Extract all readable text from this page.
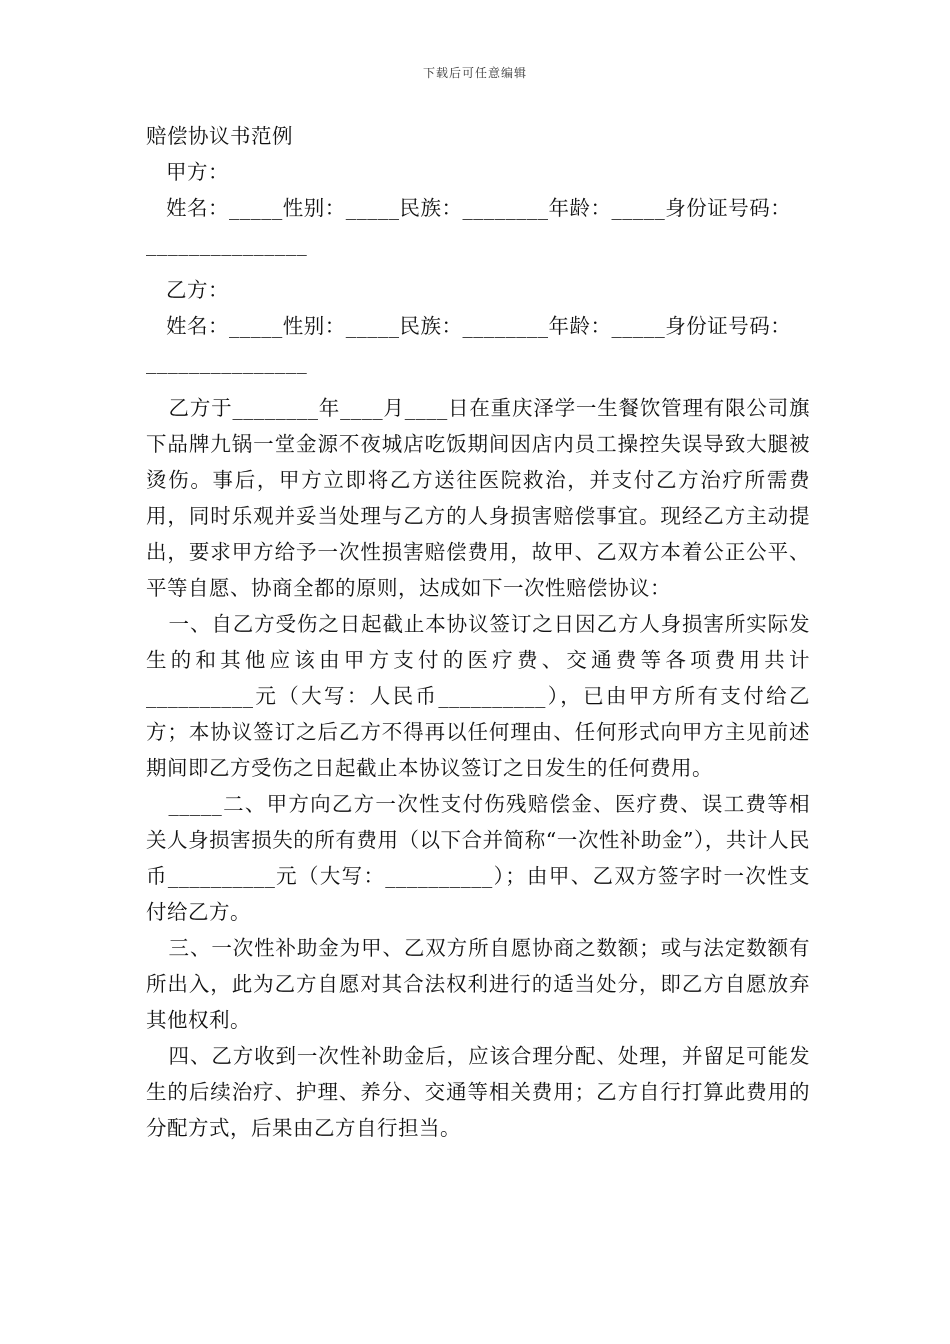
下载后可任意编辑
赔偿协议书范例
甲方：
姓名：_____性别：_____民族：________年龄：_____身份证号码：
_______________
乙方：
姓名：_____性别：_____民族：________年龄：_____身份证号码：
_______________

乙方于________年____月____日在重庆泽学一生餐饮管理有限公司旗下品牌九锅一堂金源不夜城店吃饭期间因店内员工操控失误导致大腿被烫伤。事后，甲方立即将乙方送往医院救治，并支付乙方治疗所需费用，同时乐观并妥当处理与乙方的人身损害赔偿事宜。现经乙方主动提出，要求甲方给予一次性损害赔偿费用，故甲、乙双方本着公正公平、平等自愿、协商全都的原则，达成如下一次性赔偿协议：

一、自乙方受伤之日起截止本协议签订之日因乙方人身损害所实际发生的和其他应该由甲方支付的医疗费、交通费等各项费用共计__________元（大写：人民币__________），已由甲方所有支付给乙方；本协议签订之后乙方不得再以任何理由、任何形式向甲方主见前述期间即乙方受伤之日起截止本协议签订之日发生的任何费用。

_____二、甲方向乙方一次性支付伤残赔偿金、医疗费、误工费等相关人身损害损失的所有费用（以下合并简称“一次性补助金”），共计人民币__________元（大写：__________）；由甲、乙双方签字时一次性支付给乙方。

三、一次性补助金为甲、乙双方所自愿协商之数额；或与法定数额有所出入，此为乙方自愿对其合法权利进行的适当处分，即乙方自愿放弃其他权利。

四、乙方收到一次性补助金后，应该合理分配、处理，并留足可能发生的后续治疗、护理、养分、交通等相关费用；乙方自行打算此费用的分配方式，后果由乙方自行担当。
